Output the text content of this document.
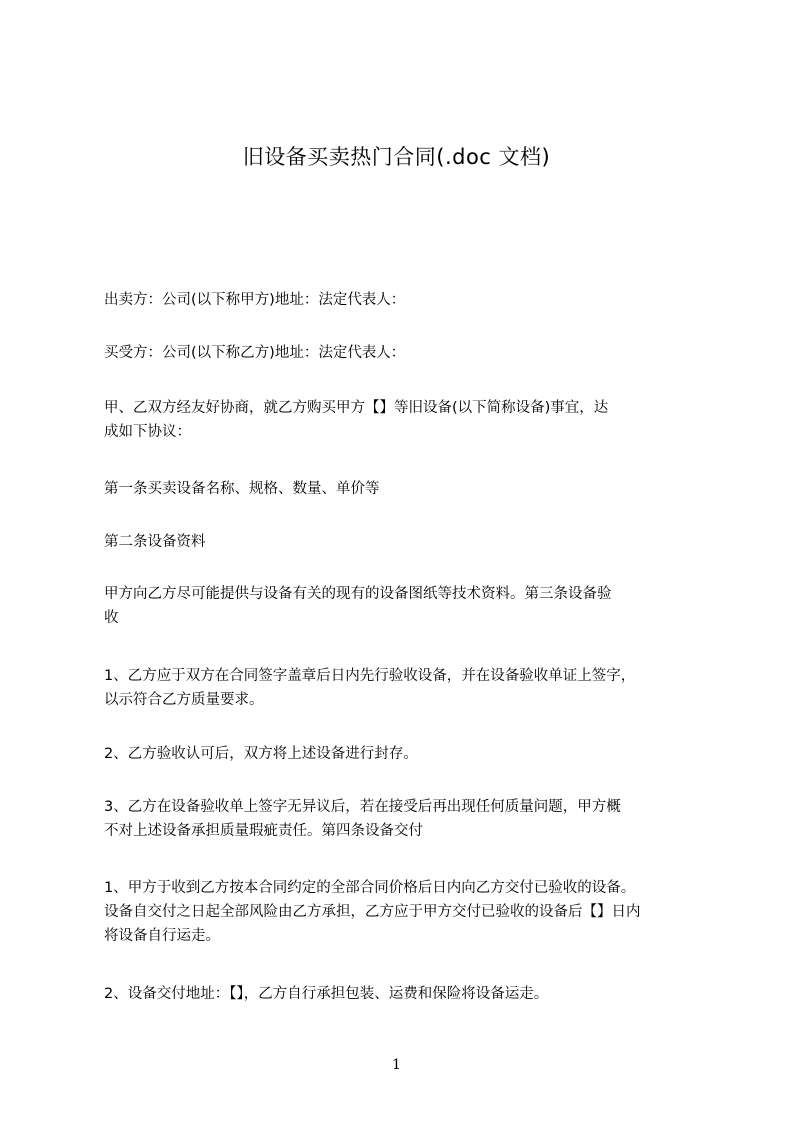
旧设备买卖热门合同(.doc 文档)
出卖方：公司(以下称甲方)地址：法定代表人：
买受方：公司(以下称乙方)地址：法定代表人：
甲、乙双方经友好协商，就乙方购买甲方【】等旧设备(以下简称设备)事宜，达
成如下协议：
第一条买卖设备名称、规格、数量、单价等
第二条设备资料
甲方向乙方尽可能提供与设备有关的现有的设备图纸等技术资料。第三条设备验
收
1、乙方应于双方在合同签字盖章后日内先行验收设备，并在设备验收单证上签字，
以示符合乙方质量要求。
2、乙方验收认可后，双方将上述设备进行封存。
3、乙方在设备验收单上签字无异议后，若在接受后再出现任何质量问题，甲方概
不对上述设备承担质量瑕疵责任。第四条设备交付
1、甲方于收到乙方按本合同约定的全部合同价格后日内向乙方交付已验收的设备。
设备自交付之日起全部风险由乙方承担，乙方应于甲方交付已验收的设备后【】日内
将设备自行运走。
2、设备交付地址：【】，乙方自行承担包装、运费和保险将设备运走。
1
